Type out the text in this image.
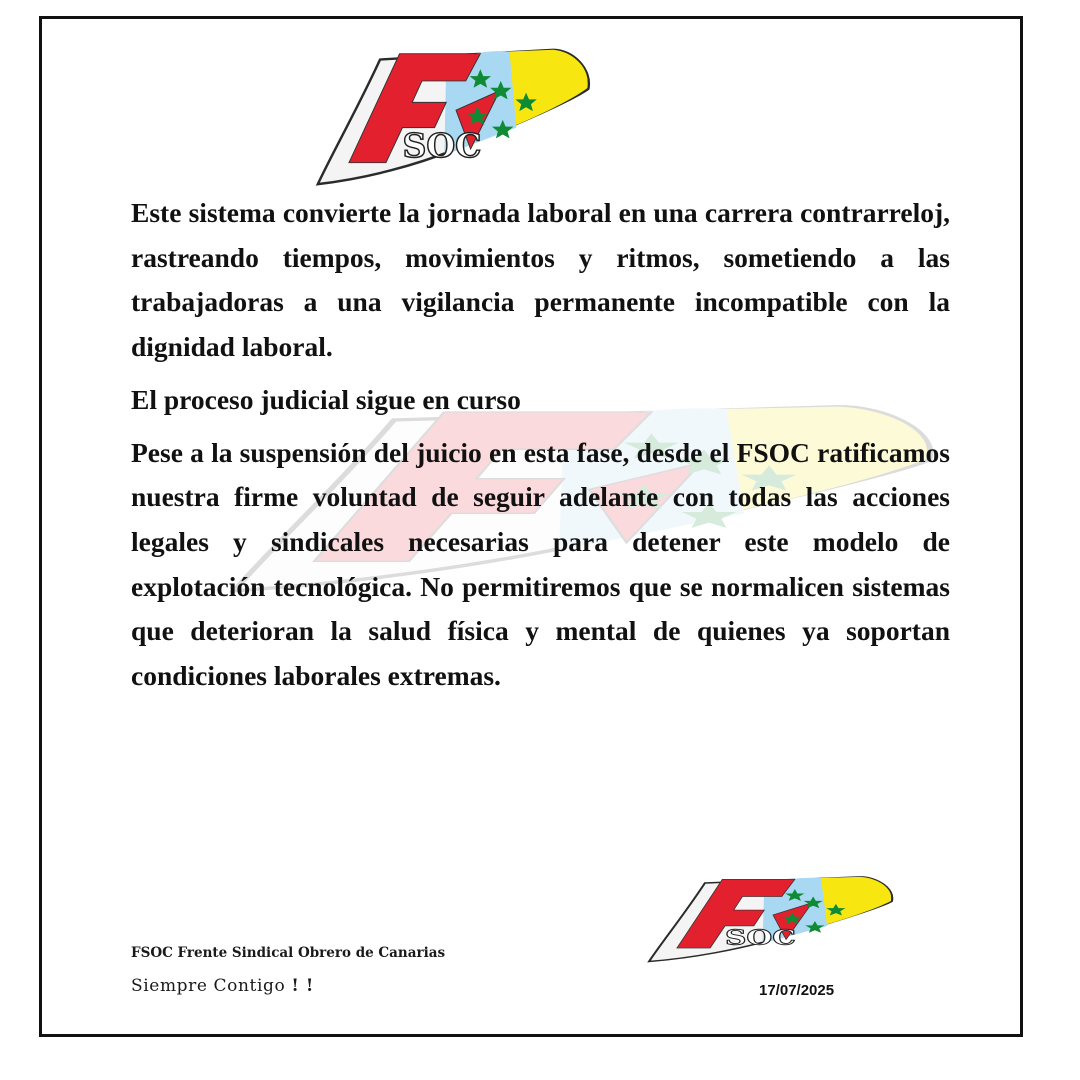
SOC

Este sistema convierte la jornada laboral en una carrera contrarreloj, rastreando tiempos, movimientos y ritmos, sometiendo a las trabajadoras a una vigilancia permanente incompatible con la dignidad laboral.

El proceso judicial sigue en curso

Pese a la suspensión del juicio en esta fase, desde el FSOC ratificamos nuestra firme voluntad de seguir adelante con todas las acciones legales y sindicales necesarias para detener este modelo de explotación tecnológica. No permitiremos que se normalicen sistemas que deterioran la salud física y mental de quienes ya soportan condiciones laborales extremas.

SOC
FSOC Frente Sindical Obrero de Canarias
Siempre Contigo ! !	17/07/2025
